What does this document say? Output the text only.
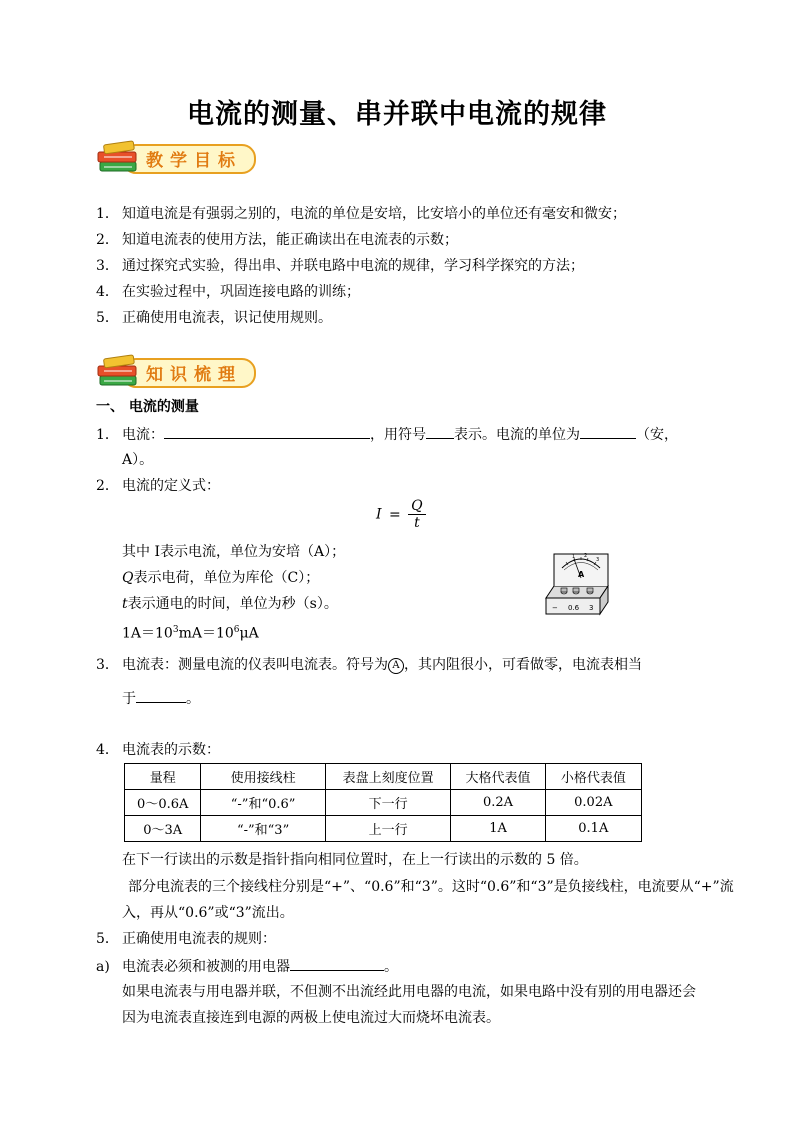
电流的测量、串并联中电流的规律
教学目标
1． 知道电流是有强弱之别的，电流的单位是安培，比安培小的单位还有毫安和微安；
2． 知道电流表的使用方法，能正确读出在电流表的示数；
3． 通过探究式实验，得出串、并联电路中电流的规律，学习科学探究的方法；
4． 在实验过程中，巩固连接电路的训练；
5． 正确使用电流表，识记使用规则。
知识梳理
一、 电流的测量
1． 电流：	，用符号 表示。电流的单位为	（安，
A）。
2． 电流的定义式：
$I = \frac{Q}{t}$
其中 I表示电流，单位为安培（A）；
Q表示电荷，单位为库伦（C）；
t表示通电的时间，单位为秒（s）。
$1A=10^3mA=10^6\mu A$
1 2
3
A
− 0.6 3
3． 电流表：测量电流的仪表叫电流表。符号为 A ，其内阻很小，可看做零，电流表相当
于	。
4． 电流表的示数：
量程	使用接线柱	表盘上刻度位置	大格代表值	小格代表值
0～0.6A	“-”和“0.6”	下一行	0.2A	0.02A
0～3A	“-”和“3”	上一行	1A	0.1A
在下一行读出的示数是指针指向相同位置时，在上一行读出的示数的 5 倍。
部分电流表的三个接线柱分别是“+”、“0.6”和“3”。这时“0.6”和“3”是负接线柱，电流要从“+”流
入，再从“0.6”或“3”流出。
5． 正确使用电流表的规则：
a) 电流表必须和被测的用电器	。
如果电流表与用电器并联，不但测不出流经此用电器的电流，如果电路中没有别的用电器还会
因为电流表直接连到电源的两极上使电流过大而烧坏电流表。
